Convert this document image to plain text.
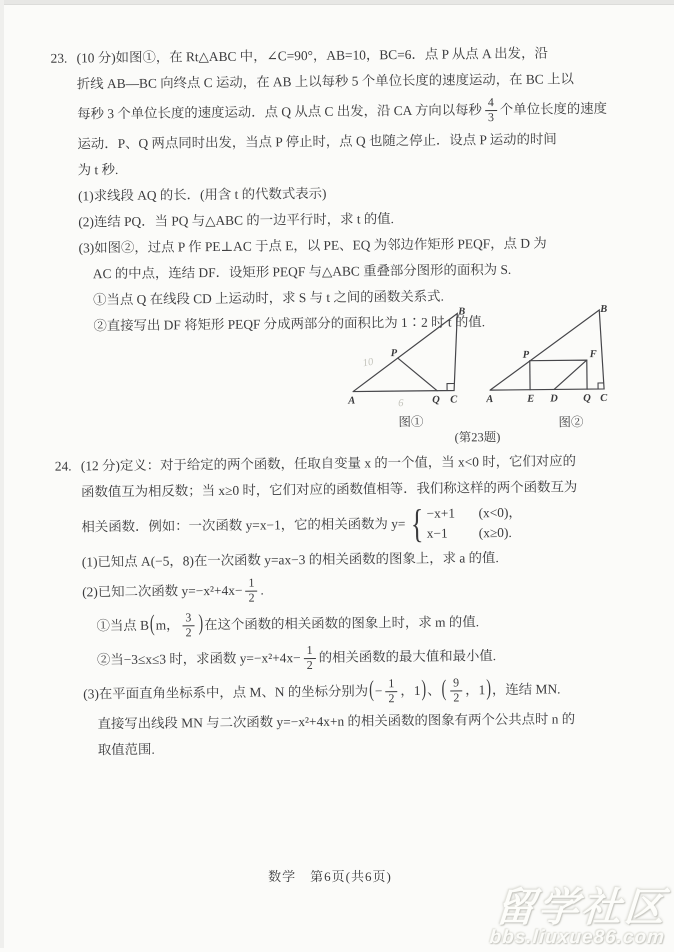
23. (10 分)如图①，在 Rt△ABC 中，∠C=90°，AB=10，BC=6．点 P 从点 A 出发，沿

折线 AB—BC 向终点 C 运动，在 AB 上以每秒 5 个单位长度的速度运动，在 BC 上以

每秒 3 个单位长度的速度运动．点 Q 从点 C 出发，沿 CA 方向以每秒 $\frac{4}{3}$ 个单位长度的速度

运动．P、Q 两点同时出发，当点 P 停止时，点 Q 也随之停止．设点 P 运动的时间

为 t 秒.

(1)求线段 AQ 的长．(用含 t 的代数式表示)

(2)连结 PQ．当 PQ 与△ABC 的一边平行时，求 t 的值.

(3)如图②，过点 P 作 PE⊥AC 于点 E，以 PE、EQ 为邻边作矩形 PEQF，点 D 为

AC 的中点，连结 DF．设矩形 PEQF 与△ABC 重叠部分图形的面积为 S.

①当点 Q 在线段 CD 上运动时，求 S 与 t 之间的函数关系式.

②直接写出 DF 将矩形 PEQF 分成两部分的面积比为 1∶2 时 t 的值.

10
6
A
B
C
Q
P
A	E D Q C
P	F
B
图①	图②
(第23题)
24. (12 分)定义：对于给定的两个函数，任取自变量 x 的一个值，当 x<0 时，它们对应的

函数值互为相反数；当 x≥0 时，它们对应的函数值相等．我们称这样的两个函数互为

相关函数．例如：一次函数 y=x−1，它的相关函数为 y= { −x+1 (x<0)，
x−1 (x≥0).

(1)已知点 A(−5，8)在一次函数 y=ax−3 的相关函数的图象上，求 a 的值.

(2)已知二次函数 $y=-x^2+4x- \frac{1}{2}$ .

①当点 B ( m， $\frac{3}{2}$ ) 在这个函数的相关函数的图象上时，求 m 的值.

②当−3≤x≤3 时，求函数 $y=-x^2+4x- \frac{1}{2}$ 的相关函数的最大值和最小值.

(3)在平面直角坐标系中，点 M、N 的坐标分别为 ( − $\frac{1}{2}$ ，1 ) 、 ( $\frac{9}{2}$ ，1 ) ，连结 MN.

直接写出线段 MN 与二次函数 y=−x²+4x+n 的相关函数的图象有两个公共点时 n 的

取值范围.

数学　第6页(共6页)
留学社区
bbs.liuxue86.com
